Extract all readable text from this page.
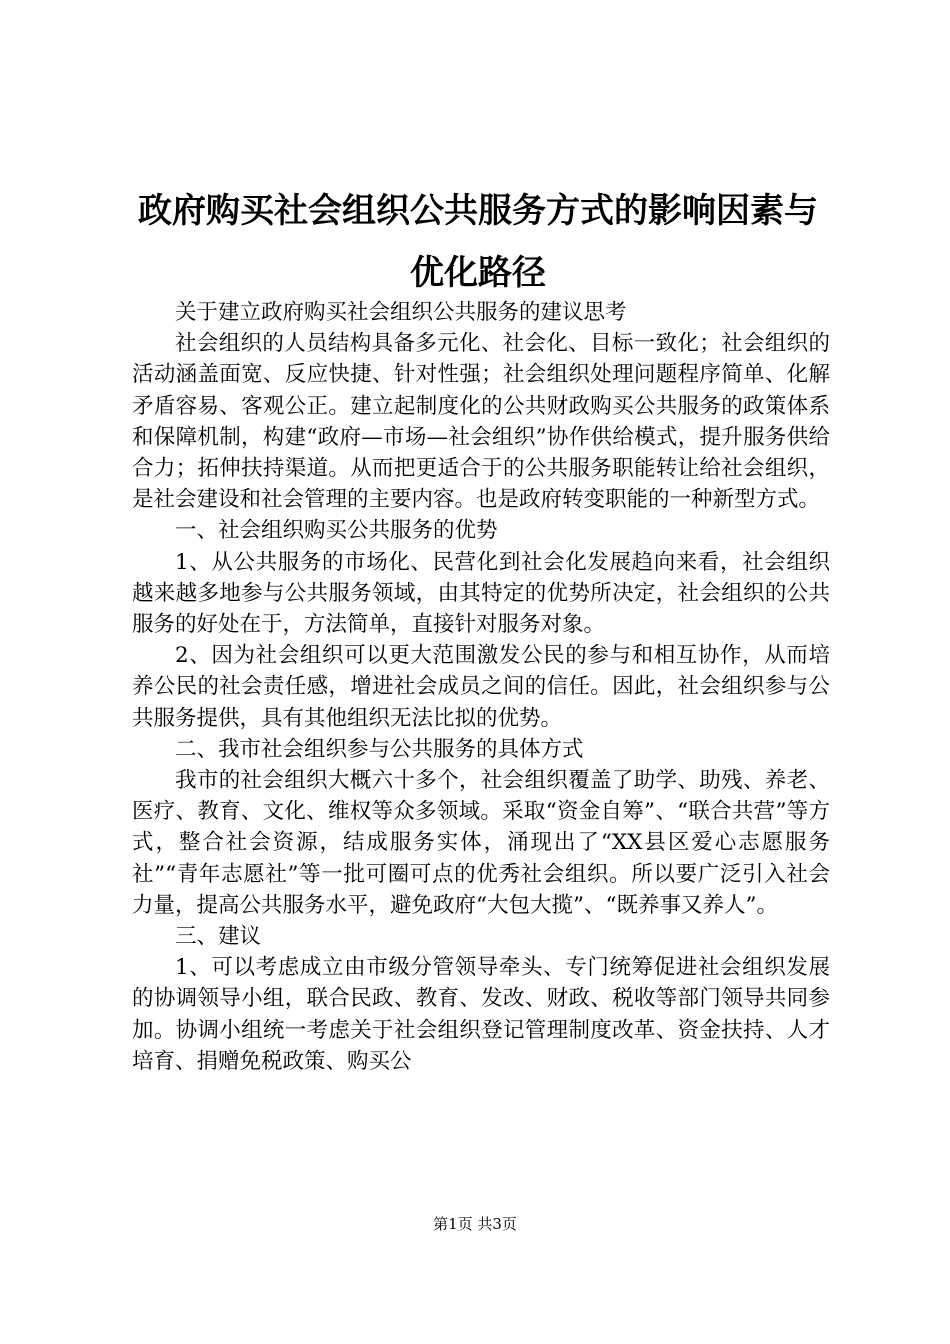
政府购买社会组织公共服务方式的影响因素与
优化路径

关于建立政府购买社会组织公共服务的建议思考

社会组织的人员结构具备多元化、社会化、目标一致化；社会组织的活动涵盖面宽、反应快捷、针对性强；社会组织处理问题程序简单、化解矛盾容易、客观公正。建立起制度化的公共财政购买公共服务的政策体系和保障机制，构建“政府—市场—社会组织”协作供给模式，提升服务供给合力；拓伸扶持渠道。从而把更适合于的公共服务职能转让给社会组织，是社会建设和社会管理的主要内容。也是政府转变职能的一种新型方式。

一、社会组织购买公共服务的优势

1、从公共服务的市场化、民营化到社会化发展趋向来看，社会组织越来越多地参与公共服务领域，由其特定的优势所决定，社会组织的公共服务的好处在于，方法简单，直接针对服务对象。

2、因为社会组织可以更大范围激发公民的参与和相互协作，从而培养公民的社会责任感，增进社会成员之间的信任。因此，社会组织参与公共服务提供，具有其他组织无法比拟的优势。

二、我市社会组织参与公共服务的具体方式

我市的社会组织大概六十多个，社会组织覆盖了助学、助残、养老、医疗、教育、文化、维权等众多领域。采取“资金自筹”、“联合共营”等方式，整合社会资源，结成服务实体，涌现出了“XX县区爱心志愿服务社”“青年志愿社”等一批可圈可点的优秀社会组织。所以要广泛引入社会力量，提高公共服务水平，避免政府“大包大揽”、“既养事又养人”。

三、建议

1、可以考虑成立由市级分管领导牵头、专门统筹促进社会组织发展的协调领导小组，联合民政、教育、发改、财政、税收等部门领导共同参加。协调小组统一考虑关于社会组织登记管理制度改革、资金扶持、人才培育、捐赠免税政策、购买公

第1页 共3页
